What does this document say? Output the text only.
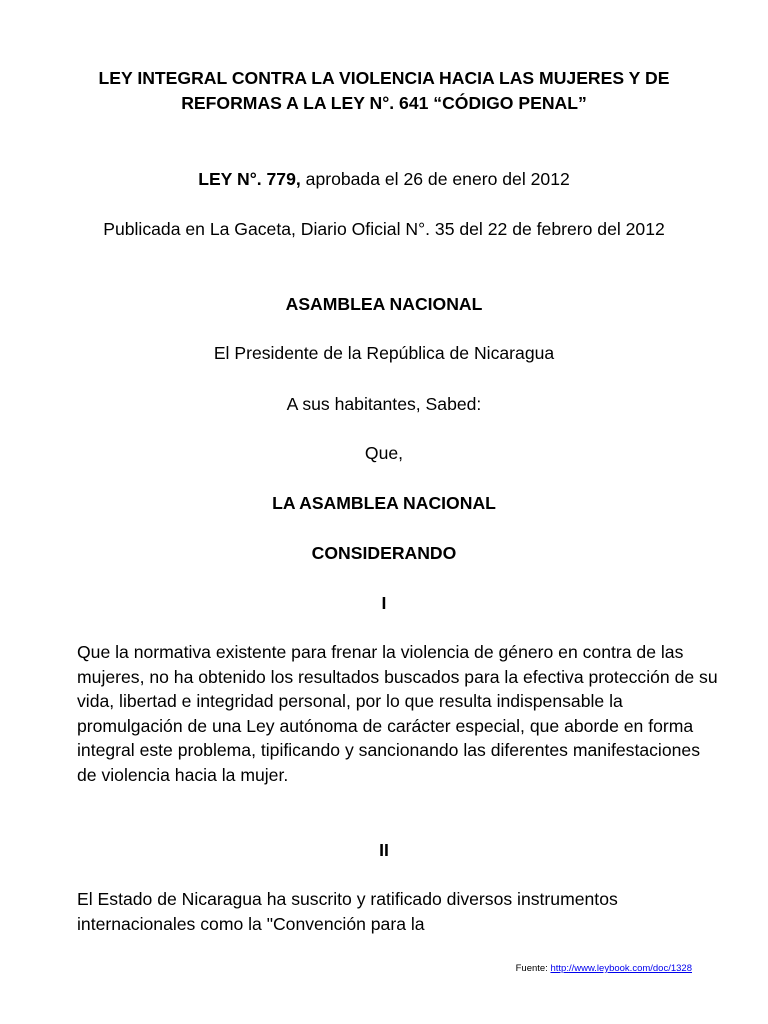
LEY INTEGRAL CONTRA LA VIOLENCIA HACIA LAS MUJERES Y DE REFORMAS A LA LEY N°. 641 “CÓDIGO PENAL”
LEY N°. 779, aprobada el 26 de enero del 2012
Publicada en La Gaceta, Diario Oficial N°. 35 del 22 de febrero del 2012
ASAMBLEA NACIONAL
El Presidente de la República de Nicaragua
A sus habitantes, Sabed:
Que,
LA ASAMBLEA NACIONAL
CONSIDERANDO
I
Que la normativa existente para frenar la violencia de género en contra de las mujeres, no ha obtenido los resultados buscados para la efectiva protección de su vida, libertad e integridad personal, por lo que resulta indispensable la promulgación de una Ley autónoma de carácter especial, que aborde en forma integral este problema, tipificando y sancionando las diferentes manifestaciones de violencia hacia la mujer.
II
El Estado de Nicaragua ha suscrito y ratificado diversos instrumentos internacionales como la "Convención para la
Fuente: http://www.leybook.com/doc/1328
